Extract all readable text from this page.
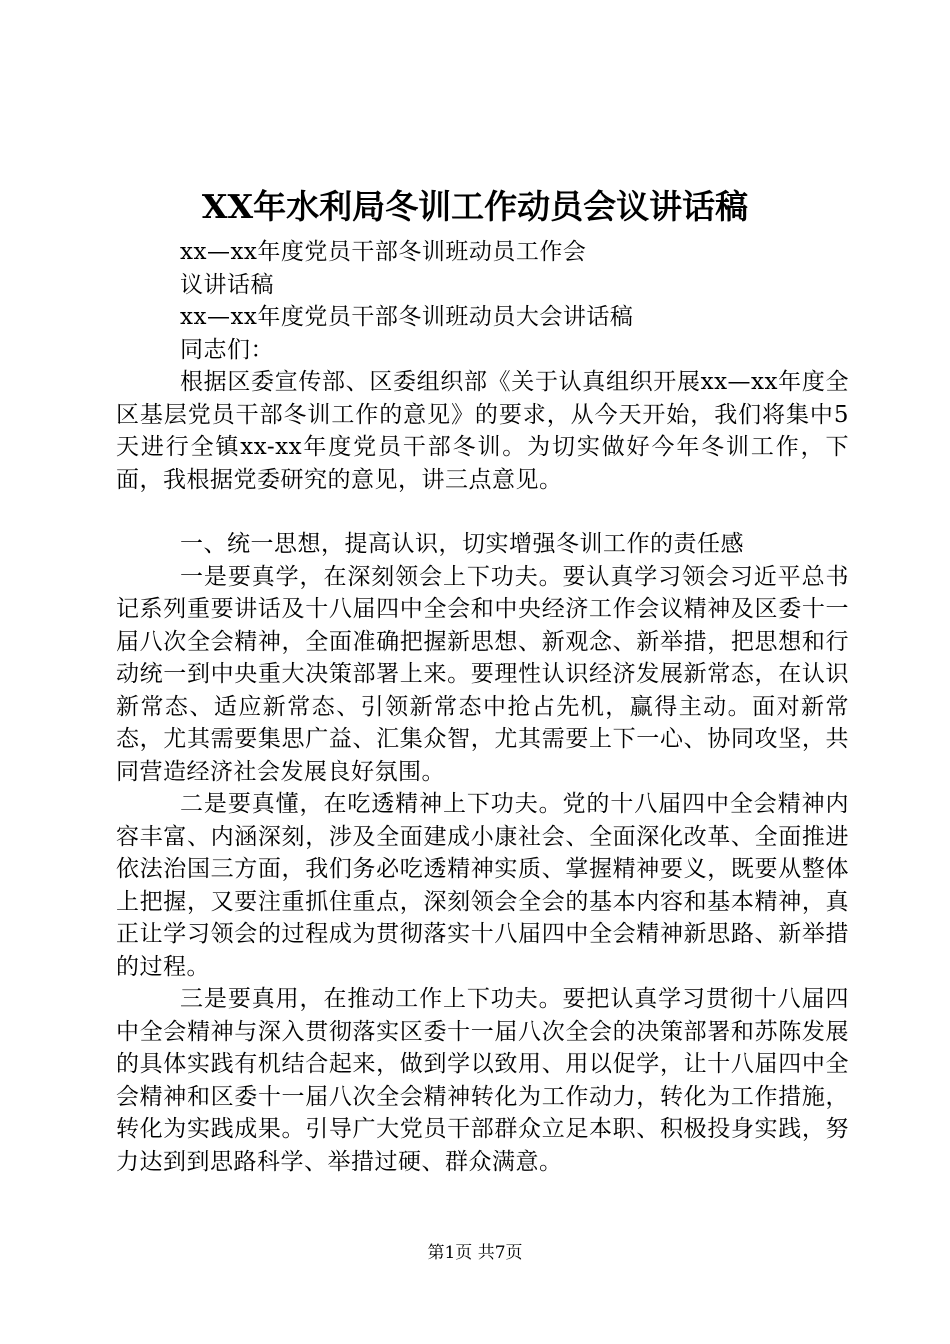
XX年水利局冬训工作动员会议讲话稿
xx—xx年度党员干部冬训班动员工作会
议讲话稿
xx—xx年度党员干部冬训班动员大会讲话稿
同志们：

根据区委宣传部、区委组织部《关于认真组织开展xx—xx年度全区基层党员干部冬训工作的意见》的要求，从今天开始，我们将集中5天进行全镇xx-xx年度党员干部冬训。为切实做好今年冬训工作，下面，我根据党委研究的意见，讲三点意见。

一、统一思想，提高认识，切实增强冬训工作的责任感

一是要真学，在深刻领会上下功夫。要认真学习领会习近平总书记系列重要讲话及十八届四中全会和中央经济工作会议精神及区委十一届八次全会精神，全面准确把握新思想、新观念、新举措，把思想和行动统一到中央重大决策部署上来。要理性认识经济发展新常态，在认识新常态、适应新常态、引领新常态中抢占先机，赢得主动。面对新常态，尤其需要集思广益、汇集众智，尤其需要上下一心、协同攻坚，共同营造经济社会发展良好氛围。

二是要真懂，在吃透精神上下功夫。党的十八届四中全会精神内容丰富、内涵深刻，涉及全面建成小康社会、全面深化改革、全面推进依法治国三方面，我们务必吃透精神实质、掌握精神要义，既要从整体上把握，又要注重抓住重点，深刻领会全会的基本内容和基本精神，真正让学习领会的过程成为贯彻落实十八届四中全会精神新思路、新举措的过程。

三是要真用，在推动工作上下功夫。要把认真学习贯彻十八届四中全会精神与深入贯彻落实区委十一届八次全会的决策部署和苏陈发展的具体实践有机结合起来，做到学以致用、用以促学，让十八届四中全会精神和区委十一届八次全会精神转化为工作动力，转化为工作措施，转化为实践成果。引导广大党员干部群众立足本职、积极投身实践，努力达到到思路科学、举措过硬、群众满意。

第1页 共7页
